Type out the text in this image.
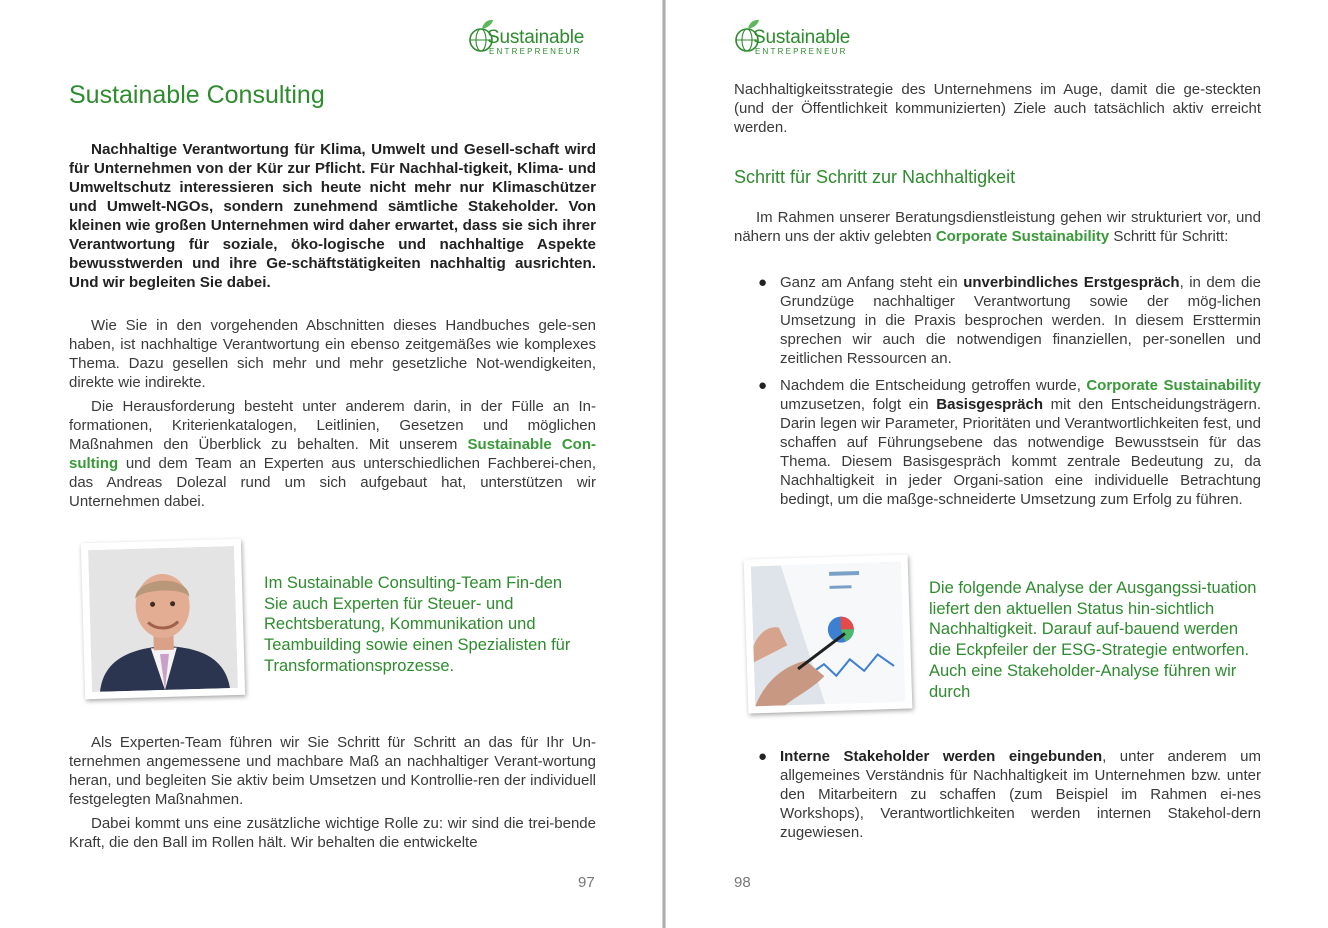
Sustainable
ENTREPRENEUR
Sustainable Consulting

Nachhaltige Verantwortung für Klima, Umwelt und Gesell-schaft wird für Unternehmen von der Kür zur Pflicht. Für Nachhal-tigkeit, Klima- und Umweltschutz interessieren sich heute nicht mehr nur Klimaschützer und Umwelt-NGOs, sondern zunehmend sämtliche Stakeholder. Von kleinen wie großen Unternehmen wird daher erwartet, dass sie sich ihrer Verantwortung für soziale, öko-logische und nachhaltige Aspekte bewusstwerden und ihre Ge-schäftstätigkeiten nachhaltig ausrichten. Und wir begleiten Sie dabei.

Wie Sie in den vorgehenden Abschnitten dieses Handbuches gele-sen haben, ist nachhaltige Verantwortung ein ebenso zeitgemäßes wie komplexes Thema. Dazu gesellen sich mehr und mehr gesetzliche Not-wendigkeiten, direkte wie indirekte.

Die Herausforderung besteht unter anderem darin, in der Fülle an In-formationen, Kriterienkatalogen, Leitlinien, Gesetzen und möglichen Maßnahmen den Überblick zu behalten. Mit unserem Sustainable Con-sulting und dem Team an Experten aus unterschiedlichen Fachberei-chen, das Andreas Dolezal rund um sich aufgebaut hat, unterstützen wir Unternehmen dabei.

Im Sustainable Consulting-Team Fin-den Sie auch Experten für Steuer- und Rechtsberatung, Kommunikation und Teambuilding sowie einen Spezialisten für Transformationsprozesse.

Als Experten-Team führen wir Sie Schritt für Schritt an das für Ihr Un-ternehmen angemessene und machbare Maß an nachhaltiger Verant-wortung heran, und begleiten Sie aktiv beim Umsetzen und Kontrollie-ren der individuell festgelegten Maßnahmen.

Dabei kommt uns eine zusätzliche wichtige Rolle zu: wir sind die trei-bende Kraft, die den Ball im Rollen hält. Wir behalten die entwickelte

97
Sustainable
ENTREPRENEUR

Nachhaltigkeitsstrategie des Unternehmens im Auge, damit die ge-steckten (und der Öffentlichkeit kommunizierten) Ziele auch tatsächlich aktiv erreicht werden.

Schritt für Schritt zur Nachhaltigkeit

Im Rahmen unserer Beratungsdienstleistung gehen wir strukturiert vor, und nähern uns der aktiv gelebten Corporate Sustainability Schritt für Schritt:

● Ganz am Anfang steht ein unverbindliches Erstgespräch, in dem die Grundzüge nachhaltiger Verantwortung sowie der mög-lichen Umsetzung in die Praxis besprochen werden. In diesem Ersttermin sprechen wir auch die notwendigen finanziellen, per-sonellen und zeitlichen Ressourcen an.
● Nachdem die Entscheidung getroffen wurde, Corporate Sustainability umzusetzen, folgt ein Basisgespräch mit den Entscheidungsträgern. Darin legen wir Parameter, Prioritäten und Verantwortlichkeiten fest, und schaffen auf Führungsebene das notwendige Bewusstsein für das Thema. Diesem Basisgespräch kommt zentrale Bedeutung zu, da Nachhaltigkeit in jeder Organi-sation eine individuelle Betrachtung bedingt, um die maßge-schneiderte Umsetzung zum Erfolg zu führen.

Die folgende Analyse der Ausgangssi-tuation liefert den aktuellen Status hin-sichtlich Nachhaltigkeit. Darauf auf-bauend werden die Eckpfeiler der ESG-Strategie entworfen. Auch eine Stakeholder-Analyse führen wir durch

● Interne Stakeholder werden eingebunden, unter anderem um allgemeines Verständnis für Nachhaltigkeit im Unternehmen bzw. unter den Mitarbeitern zu schaffen (zum Beispiel im Rahmen ei-nes Workshops), Verantwortlichkeiten werden internen Stakehol-dern zugewiesen.
98
